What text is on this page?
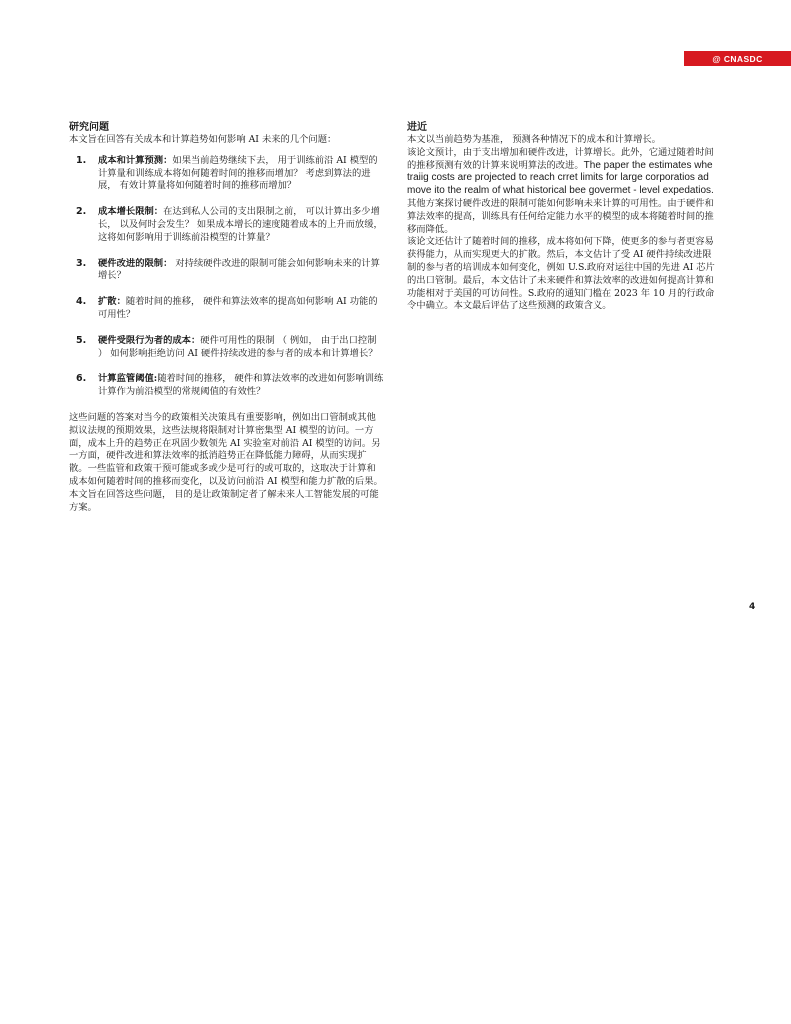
@ CNASDC
研究问题

本文旨在回答有关成本和计算趋势如何影响 AI 未来的几个问题：

1.	成本和计算预测：如果当前趋势继续下去， 用于训练前沿 AI 模型的计算量和训练成本将如何随着时间的推移而增加？ 考虑到算法的进展， 有效计算量将如何随着时间的推移而增加？
2.	成本增长限制：在达到私人公司的支出限制之前， 可以计算出多少增长， 以及何时会发生？ 如果成本增长的速度随着成本的上升而放缓， 这将如何影响用于训练前沿模型的计算量？
3.	硬件改进的限制： 对持续硬件改进的限制可能会如何影响未来的计算增长？
4.	扩散：随着时间的推移， 硬件和算法效率的提高如何影响 AI 功能的可用性？
5.	硬件受限行为者的成本：硬件可用性的限制 （ 例如， 由于出口控制 ） 如何影响拒绝访问 AI 硬件持续改进的参与者的成本和计算增长？
6.	计算监管阈值:随着时间的推移， 硬件和算法效率的改进如何影响训练计算作为前沿模型的常规阈值的有效性？

这些问题的答案对当今的政策相关决策具有重要影响，例如出口管制或其他拟议法规的预期效果，这些法规将限制对计算密集型 AI 模型的访问。一方面，成本上升的趋势正在巩固少数领先 AI 实验室对前沿 AI 模型的访问。另一方面，硬件改进和算法效率的抵消趋势正在降低能力障碍，从而实现扩散。一些监管和政策干预可能或多或少是可行的或可取的，这取决于计算和成本如何随着时间的推移而变化，以及访问前沿 AI 模型和能力扩散的后果。

本文旨在回答这些问题， 目的是让政策制定者了解未来人工智能发展的可能方案。

进近

本文以当前趋势为基准， 预测各种情况下的成本和计算增长。

该论文预计，由于支出增加和硬件改进，计算增长。此外，它通过随着时间的推移预测有效的计算来说明算法的改进。The paper the estimates whe traiig costs are projected to reach crret limits for large corporatios ad move ito the realm of what historical bee govermet - level expedatios.其他方案探讨硬件改进的限制可能如何影响未来计算的可用性。由于硬件和算法效率的提高，训练具有任何给定能力水平的模型的成本将随着时间的推移而降低。

该论文还估计了随着时间的推移，成本将如何下降，使更多的参与者更容易获得能力，从而实现更大的扩散。然后，本文估计了受 AI 硬件持续改进限制的参与者的培训成本如何变化，例如 U.S.政府对运往中国的先进 AI 芯片的出口管制。最后，本文估计了未来硬件和算法效率的改进如何提高计算和功能相对于美国的可访问性。S.政府的通知门槛在 2023 年 10 月的行政命令中确立。本文最后评估了这些预测的政策含义。

4
